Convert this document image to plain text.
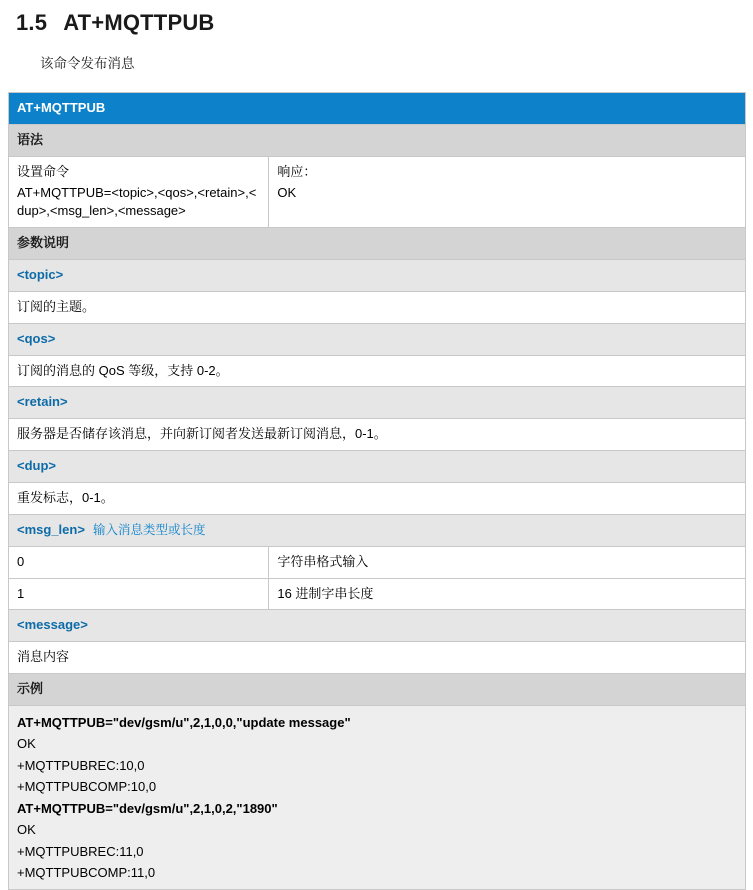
1.5 AT+MQTTPUB
该命令发布消息
AT+MQTTPUB	
语法	

设置命令
AT+MQTTPUB=<topic>,<qos>,<retain>,<dup>,<msg_len>,<message>

响应：
OK

参数说明	
<topic>	
订阅的主题。	
<qos>	
订阅的消息的 QoS 等级，支持 0-2。	
<retain>	
服务器是否储存该消息，并向新订阅者发送最新订阅消息，0-1。	
<dup>	
重发标志，0-1。	
<msg_len> 输入消息类型或长度	
0	字符串格式输入
1	16 进制字串长度
<message>	
消息内容	
示例	

AT+MQTTPUB="dev/gsm/u",2,1,0,0,"update message"
OK
+MQTTPUBREC:10,0
+MQTTPUBCOMP:10,0
AT+MQTTPUB="dev/gsm/u",2,1,0,2,"1890"
OK
+MQTTPUBREC:11,0
+MQTTPUBCOMP:11,0
